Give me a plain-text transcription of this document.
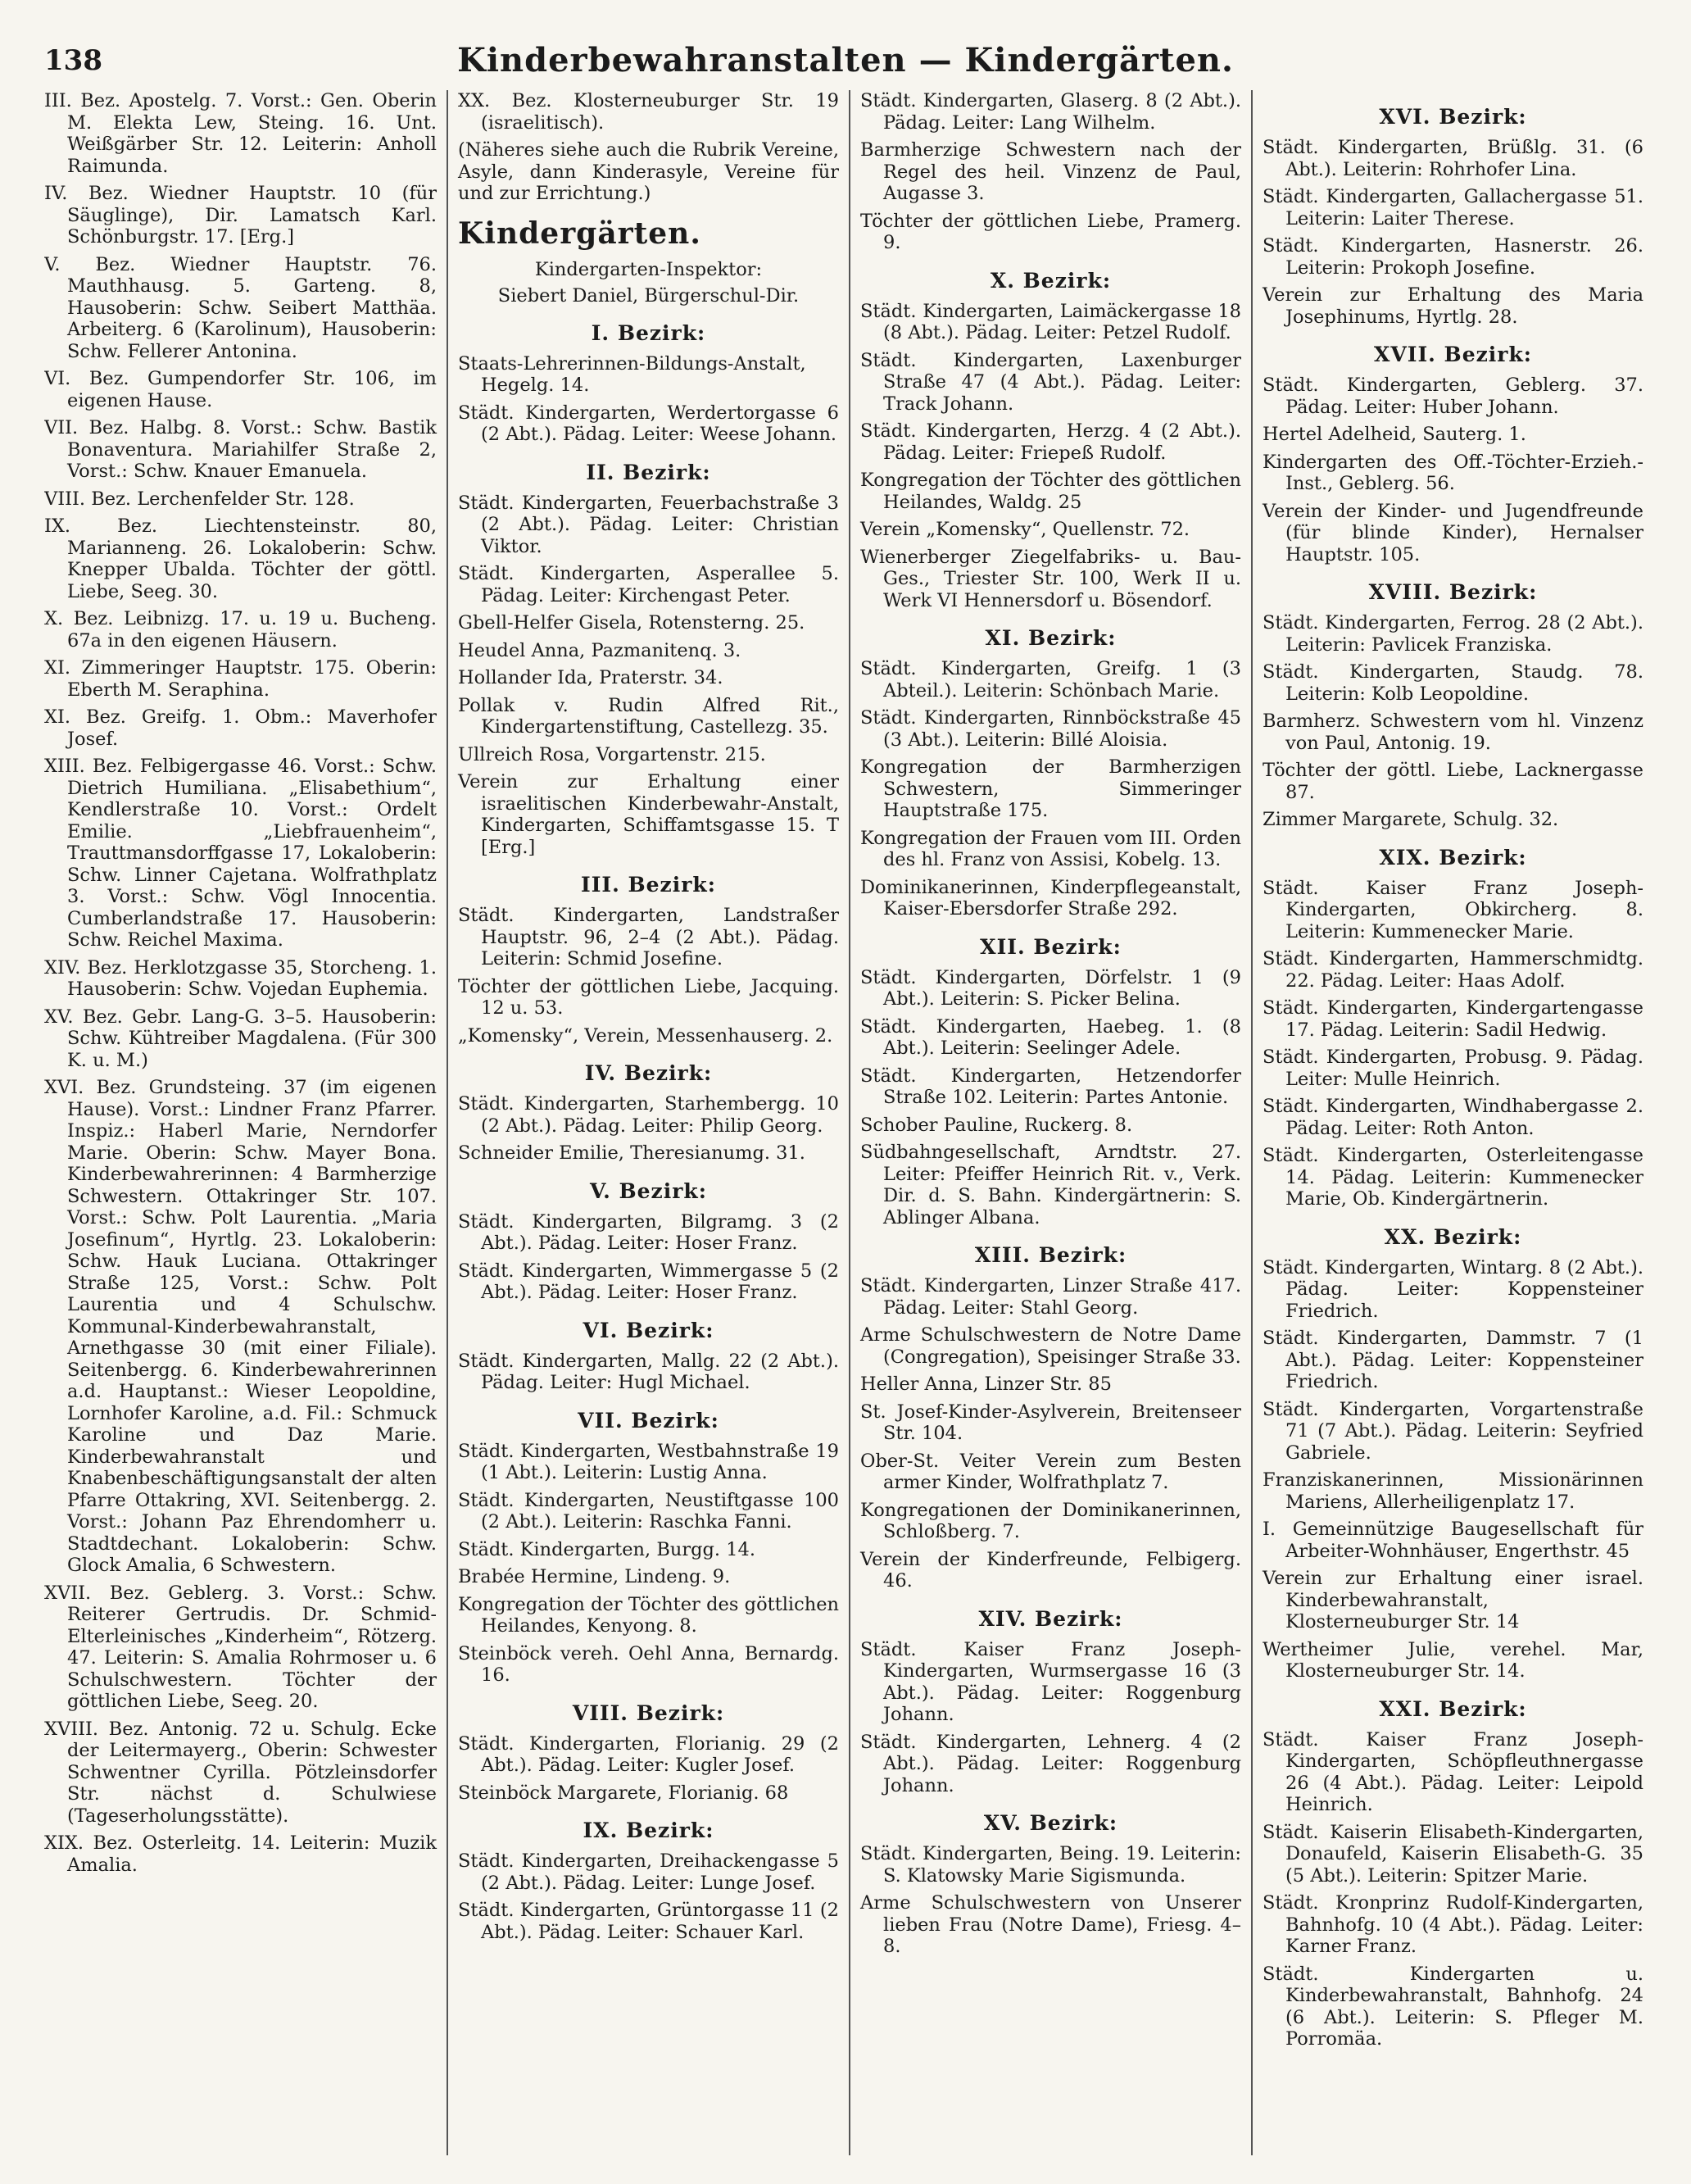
138	Kinderbewahranstalten — Kindergärten.
III. Bez. Apostelg. 7. Vorst.: Gen. Oberin M. Elekta Lew, Steing. 16. Unt. Weißgärber Str. 12. Leiterin: Anholl Raimunda.
IV. Bez. Wiedner Hauptstr. 10 (für Säuglinge), Dir. Lamatsch Karl. Schönburgstr. 17. [Erg.]
V. Bez. Wiedner Hauptstr. 76. Mauthhausg. 5. Garteng. 8, Hausoberin: Schw. Seibert Matthäa. Arbeiterg. 6 (Karolinum), Hausoberin: Schw. Fellerer Antonina.
VI. Bez. Gumpendorfer Str. 106, im eigenen Hause.
VII. Bez. Halbg. 8. Vorst.: Schw. Bastik Bonaventura. Mariahilfer Straße 2, Vorst.: Schw. Knauer Emanuela.
VIII. Bez. Lerchenfelder Str. 128.
IX. Bez. Liechtensteinstr. 80, Marianneng. 26. Lokaloberin: Schw. Knepper Ubalda. Töchter der göttl. Liebe, Seeg. 30.
X. Bez. Leibnizg. 17. u. 19 u. Bucheng. 67a in den eigenen Häusern.
XI. Zimmeringer Hauptstr. 175. Oberin: Eberth M. Seraphina.
XI. Bez. Greifg. 1. Obm.: Maverhofer Josef.
XIII. Bez. Felbigergasse 46. Vorst.: Schw. Dietrich Humiliana. „Elisabethium“, Kendlerstraße 10. Vorst.: Ordelt Emilie. „Liebfrauenheim“, Trauttmansdorffgasse 17, Lokaloberin: Schw. Linner Cajetana. Wolfrathplatz 3. Vorst.: Schw. Vögl Innocentia. Cumberlandstraße 17. Hausoberin: Schw. Reichel Maxima.
XIV. Bez. Herklotzgasse 35, Storcheng. 1. Hausoberin: Schw. Vojedan Euphemia.
XV. Bez. Gebr. Lang-G. 3–5. Hausoberin: Schw. Kühtreiber Magdalena. (Für 300 K. u. M.)
XVI. Bez. Grundsteing. 37 (im eigenen Hause). Vorst.: Lindner Franz Pfarrer. Inspiz.: Haberl Marie, Nerndorfer Marie. Oberin: Schw. Mayer Bona. Kinderbewahrerinnen: 4 Barmherzige Schwestern. Ottakringer Str. 107. Vorst.: Schw. Polt Laurentia. „Maria Josefinum“, Hyrtlg. 23. Lokaloberin: Schw. Hauk Luciana. Ottakringer Straße 125, Vorst.: Schw. Polt Laurentia und 4 Schulschw. Kommunal-Kinderbewahranstalt, Arnethgasse 30 (mit einer Filiale). Seitenbergg. 6. Kinderbewahrerinnen a.d. Hauptanst.: Wieser Leopoldine, Lornhofer Karoline, a.d. Fil.: Schmuck Karoline und Daz Marie. Kinderbewahranstalt und Knabenbeschäftigungsanstalt der alten Pfarre Ottakring, XVI. Seitenbergg. 2. Vorst.: Johann Paz Ehrendomherr u. Stadtdechant. Lokaloberin: Schw. Glock Amalia, 6 Schwestern.
XVII. Bez. Geblerg. 3. Vorst.: Schw. Reiterer Gertrudis. Dr. Schmid-Elterleinisches „Kinderheim“, Rötzerg. 47. Leiterin: S. Amalia Rohrmoser u. 6 Schulschwestern. Töchter der göttlichen Liebe, Seeg. 20.
XVIII. Bez. Antonig. 72 u. Schulg. Ecke der Leitermayerg., Oberin: Schwester Schwentner Cyrilla. Pötzleinsdorfer Str. nächst d. Schulwiese (Tageserholungsstätte).
XIX. Bez. Osterleitg. 14. Leiterin: Muzik Amalia.
XX. Bez. Klosterneuburger Str. 19 (israelitisch).
(Näheres siehe auch die Rubrik Vereine, Asyle, dann Kinderasyle, Vereine für und zur Errichtung.)
Kindergärten.
Kindergarten-Inspektor:
Siebert Daniel, Bürgerschul-Dir.
I. Bezirk:
Staats-Lehrerinnen-Bildungs-Anstalt, Hegelg. 14.
Städt. Kindergarten, Werdertorgasse 6 (2 Abt.). Pädag. Leiter: Weese Johann.
II. Bezirk:
Städt. Kindergarten, Feuerbachstraße 3 (2 Abt.). Pädag. Leiter: Christian Viktor.
Städt. Kindergarten, Asperallee 5. Pädag. Leiter: Kirchengast Peter.
Gbell-Helfer Gisela, Rotensterng. 25.
Heudel Anna, Pazmanitenq. 3.
Hollander Ida, Praterstr. 34.
Pollak v. Rudin Alfred Rit., Kindergartenstiftung, Castellezg. 35.
Ullreich Rosa, Vorgartenstr. 215.
Verein zur Erhaltung einer israelitischen Kinderbewahr-Anstalt, Kindergarten, Schiffamtsgasse 15. T [Erg.]
III. Bezirk:
Städt. Kindergarten, Landstraßer Hauptstr. 96, 2–4 (2 Abt.). Pädag. Leiterin: Schmid Josefine.
Töchter der göttlichen Liebe, Jacquing. 12 u. 53.
„Komensky“, Verein, Messenhauserg. 2.
IV. Bezirk:
Städt. Kindergarten, Starhembergg. 10 (2 Abt.). Pädag. Leiter: Philip Georg.
Schneider Emilie, Theresianumg. 31.
V. Bezirk:
Städt. Kindergarten, Bilgramg. 3 (2 Abt.). Pädag. Leiter: Hoser Franz.
Städt. Kindergarten, Wimmergasse 5 (2 Abt.). Pädag. Leiter: Hoser Franz.
VI. Bezirk:
Städt. Kindergarten, Mallg. 22 (2 Abt.). Pädag. Leiter: Hugl Michael.
VII. Bezirk:
Städt. Kindergarten, Westbahnstraße 19 (1 Abt.). Leiterin: Lustig Anna.
Städt. Kindergarten, Neustiftgasse 100 (2 Abt.). Leiterin: Raschka Fanni.
Städt. Kindergarten, Burgg. 14.
Brabée Hermine, Lindeng. 9.
Kongregation der Töchter des göttlichen Heilandes, Kenyong. 8.
Steinböck vereh. Oehl Anna, Bernardg. 16.
VIII. Bezirk:
Städt. Kindergarten, Florianig. 29 (2 Abt.). Pädag. Leiter: Kugler Josef.
Steinböck Margarete, Florianig. 68
IX. Bezirk:
Städt. Kindergarten, Dreihackengasse 5 (2 Abt.). Pädag. Leiter: Lunge Josef.
Städt. Kindergarten, Grüntorgasse 11 (2 Abt.). Pädag. Leiter: Schauer Karl.
Städt. Kindergarten, Glaserg. 8 (2 Abt.). Pädag. Leiter: Lang Wilhelm.
Barmherzige Schwestern nach der Regel des heil. Vinzenz de Paul, Augasse 3.
Töchter der göttlichen Liebe, Pramerg. 9.
X. Bezirk:
Städt. Kindergarten, Laimäckergasse 18 (8 Abt.). Pädag. Leiter: Petzel Rudolf.
Städt. Kindergarten, Laxenburger Straße 47 (4 Abt.). Pädag. Leiter: Track Johann.
Städt. Kindergarten, Herzg. 4 (2 Abt.). Pädag. Leiter: Friepeß Rudolf.
Kongregation der Töchter des göttlichen Heilandes, Waldg. 25
Verein „Komensky“, Quellenstr. 72.
Wienerberger Ziegelfabriks- u. Bau-Ges., Triester Str. 100, Werk II u. Werk VI Hennersdorf u. Bösendorf.
XI. Bezirk:
Städt. Kindergarten, Greifg. 1 (3 Abteil.). Leiterin: Schönbach Marie.
Städt. Kindergarten, Rinnböckstraße 45 (3 Abt.). Leiterin: Billé Aloisia.
Kongregation der Barmherzigen Schwestern, Simmeringer Hauptstraße 175.
Kongregation der Frauen vom III. Orden des hl. Franz von Assisi, Kobelg. 13.
Dominikanerinnen, Kinderpflegeanstalt, Kaiser-Ebersdorfer Straße 292.
XII. Bezirk:
Städt. Kindergarten, Dörfelstr. 1 (9 Abt.). Leiterin: S. Picker Belina.
Städt. Kindergarten, Haebeg. 1. (8 Abt.). Leiterin: Seelinger Adele.
Städt. Kindergarten, Hetzendorfer Straße 102. Leiterin: Partes Antonie.
Schober Pauline, Ruckerg. 8.
Südbahngesellschaft, Arndtstr. 27. Leiter: Pfeiffer Heinrich Rit. v., Verk. Dir. d. S. Bahn. Kindergärtnerin: S. Ablinger Albana.
XIII. Bezirk:
Städt. Kindergarten, Linzer Straße 417. Pädag. Leiter: Stahl Georg.
Arme Schulschwestern de Notre Dame (Congregation), Speisinger Straße 33.
Heller Anna, Linzer Str. 85
St. Josef-Kinder-Asylverein, Breitenseer Str. 104.
Ober-St. Veiter Verein zum Besten armer Kinder, Wolfrathplatz 7.
Kongregationen der Dominikanerinnen, Schloßberg. 7.
Verein der Kinderfreunde, Felbigerg. 46.
XIV. Bezirk:
Städt. Kaiser Franz Joseph-Kindergarten, Wurmsergasse 16 (3 Abt.). Pädag. Leiter: Roggenburg Johann.
Städt. Kindergarten, Lehnerg. 4 (2 Abt.). Pädag. Leiter: Roggenburg Johann.
XV. Bezirk:
Städt. Kindergarten, Being. 19. Leiterin: S. Klatowsky Marie Sigismunda.
Arme Schulschwestern von Unserer lieben Frau (Notre Dame), Friesg. 4–8.
XVI. Bezirk:
Städt. Kindergarten, Brüßlg. 31. (6 Abt.). Leiterin: Rohrhofer Lina.
Städt. Kindergarten, Gallachergasse 51. Leiterin: Laiter Therese.
Städt. Kindergarten, Hasnerstr. 26. Leiterin: Prokoph Josefine.
Verein zur Erhaltung des Maria Josephinums, Hyrtlg. 28.
XVII. Bezirk:
Städt. Kindergarten, Geblerg. 37. Pädag. Leiter: Huber Johann.
Hertel Adelheid, Sauterg. 1.
Kindergarten des Off.-Töchter-Erzieh.-Inst., Geblerg. 56.
Verein der Kinder- und Jugendfreunde (für blinde Kinder), Hernalser Hauptstr. 105.
XVIII. Bezirk:
Städt. Kindergarten, Ferrog. 28 (2 Abt.). Leiterin: Pavlicek Franziska.
Städt. Kindergarten, Staudg. 78. Leiterin: Kolb Leopoldine.
Barmherz. Schwestern vom hl. Vinzenz von Paul, Antonig. 19.
Töchter der göttl. Liebe, Lacknergasse 87.
Zimmer Margarete, Schulg. 32.
XIX. Bezirk:
Städt. Kaiser Franz Joseph-Kindergarten, Obkircherg. 8. Leiterin: Kummenecker Marie.
Städt. Kindergarten, Hammerschmidtg. 22. Pädag. Leiter: Haas Adolf.
Städt. Kindergarten, Kindergartengasse 17. Pädag. Leiterin: Sadil Hedwig.
Städt. Kindergarten, Probusg. 9. Pädag. Leiter: Mulle Heinrich.
Städt. Kindergarten, Windhabergasse 2. Pädag. Leiter: Roth Anton.
Städt. Kindergarten, Osterleitengasse 14. Pädag. Leiterin: Kummenecker Marie, Ob. Kindergärtnerin.
XX. Bezirk:
Städt. Kindergarten, Wintarg. 8 (2 Abt.). Pädag. Leiter: Koppensteiner Friedrich.
Städt. Kindergarten, Dammstr. 7 (1 Abt.). Pädag. Leiter: Koppensteiner Friedrich.
Städt. Kindergarten, Vorgartenstraße 71 (7 Abt.). Pädag. Leiterin: Seyfried Gabriele.
Franziskanerinnen, Missionärinnen Mariens, Allerheiligenplatz 17.
I. Gemeinnützige Baugesellschaft für Arbeiter-Wohnhäuser, Engerthstr. 45
Verein zur Erhaltung einer israel. Kinderbewahranstalt, Klosterneuburger Str. 14
Wertheimer Julie, verehel. Mar, Klosterneuburger Str. 14.
XXI. Bezirk:
Städt. Kaiser Franz Joseph-Kindergarten, Schöpfleuthnergasse 26 (4 Abt.). Pädag. Leiter: Leipold Heinrich.
Städt. Kaiserin Elisabeth-Kindergarten, Donaufeld, Kaiserin Elisabeth-G. 35 (5 Abt.). Leiterin: Spitzer Marie.
Städt. Kronprinz Rudolf-Kindergarten, Bahnhofg. 10 (4 Abt.). Pädag. Leiter: Karner Franz.
Städt. Kindergarten u. Kinderbewahranstalt, Bahnhofg. 24 (6 Abt.). Leiterin: S. Pfleger M. Porromäa.
